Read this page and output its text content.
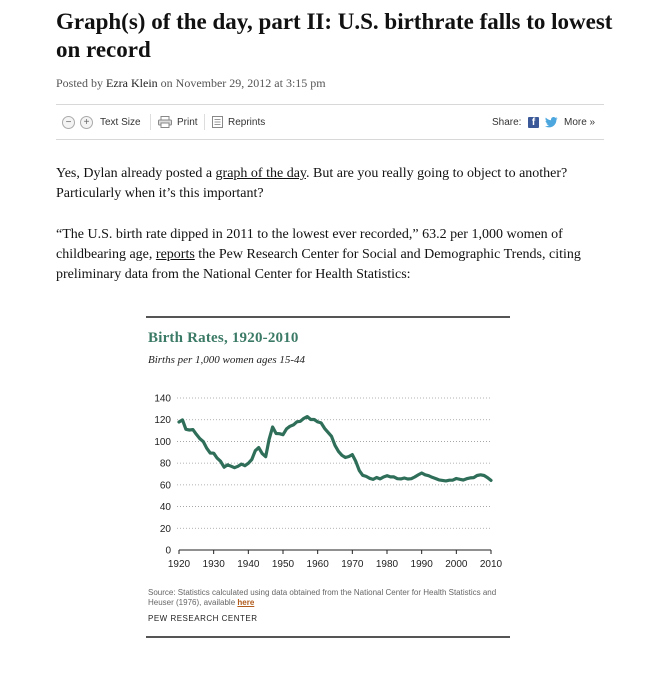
Graph(s) of the day, part II: U.S. birthrate falls to lowest on record
Posted by Ezra Klein on November 29, 2012 at 3:15 pm
−	+	Text Size	Print	Reprints	Share:	f	More »

Yes, Dylan already posted a graph of the day. But are you really going to object to another? Particularly when it’s this important?

“The U.S. birth rate dipped in 2011 to the lowest ever recorded,” 63.2 per 1,000 women of childbearing age, reports the Pew Research Center for Social and Demographic Trends, citing preliminary data from the National Center for Health Statistics:

Birth Rates, 1920-2010
Births per 1,000 women ages 15-44
0
20
40
60
80
100
120
140
1920 1930 1940 1950 1960 1970 1980 1990 2000 2010
Source: Statistics calculated using data obtained from the National Center for Health Statistics and Heuser (1976), available here
PEW RESEARCH CENTER
